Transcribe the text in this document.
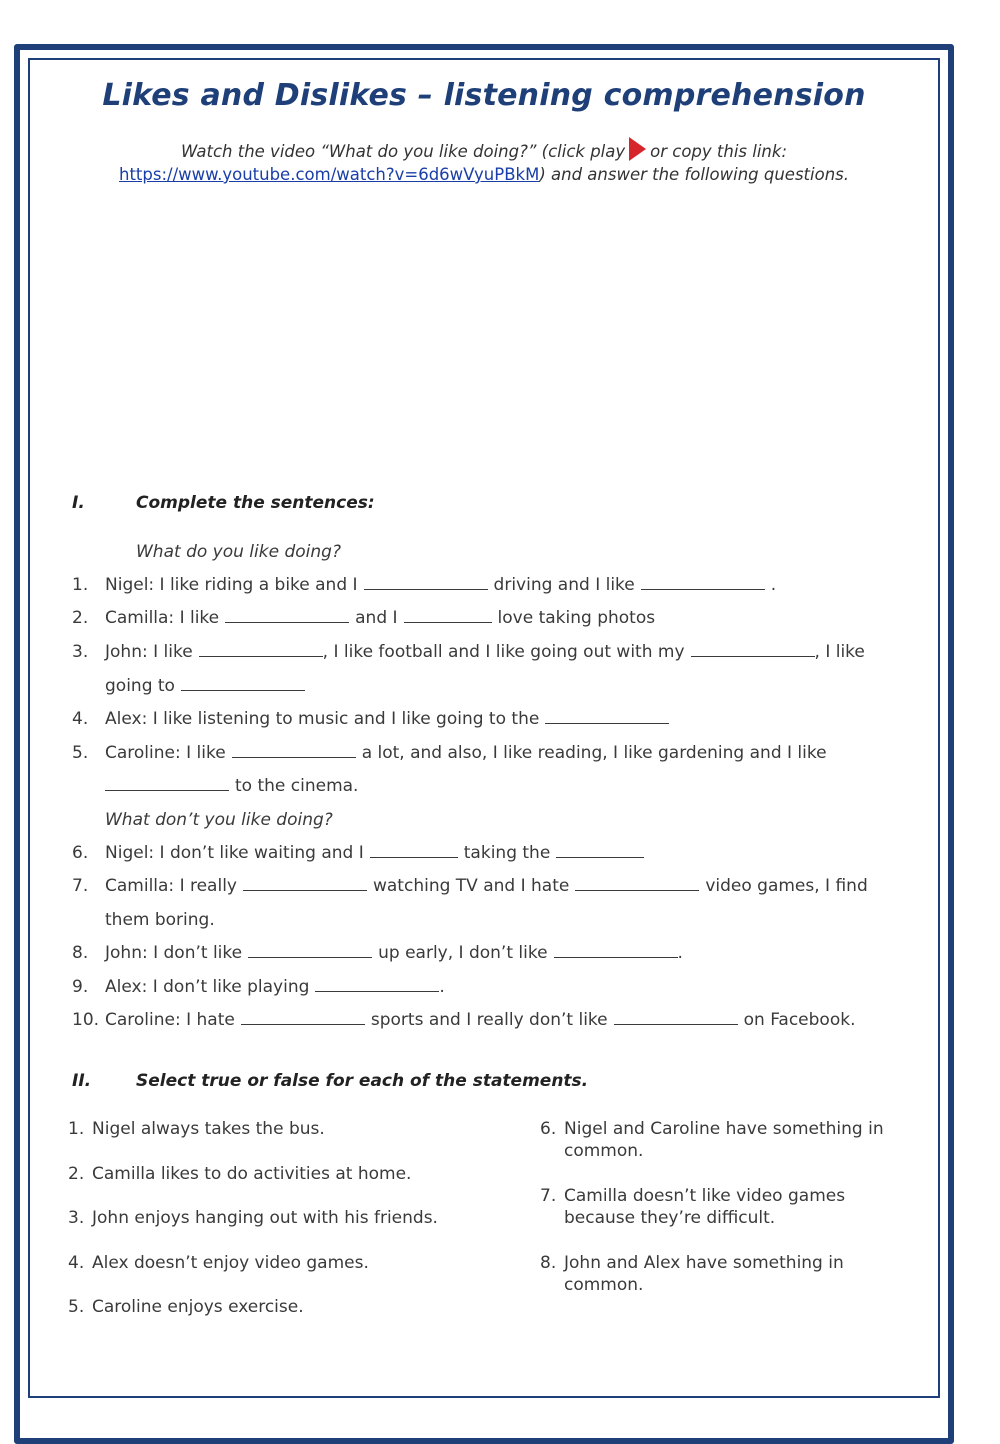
Likes and Dislikes – listening comprehension
Watch the video “What do you like doing?” (click play or copy this link:
https://www.youtube.com/watch?v=6d6wVyuPBkM) and answer the following questions.
I.	Complete the sentences:
What do you like doing?
1. Nigel: I like riding a bike and I	driving and I like	.
2. Camilla: I like	and I	love taking photos
3. John: I like	, I like football and I like going out with my	, I like
going to
4. Alex: I like listening to music and I like going to the
5. Caroline: I like	a lot, and also, I like reading, I like gardening and I like
to the cinema.
What don’t you like doing?
6. Nigel: I don’t like waiting and I	taking the
7. Camilla: I really	watching TV and I hate	video games, I find
them boring.
8. John: I don’t like	up early, I don’t like	.
9. Alex: I don’t like playing	.
10. Caroline: I hate	sports and I really don’t like	on Facebook.
II.	Select true or false for each of the statements.
1. Nigel always takes the bus.
2. Camilla likes to do activities at home.
3. John enjoys hanging out with his friends.
4. Alex doesn’t enjoy video games.
5. Caroline enjoys exercise.
6. Nigel and Caroline have something in
common.
7. Camilla doesn’t like video games
because they’re difficult.
8. John and Alex have something in
common.
